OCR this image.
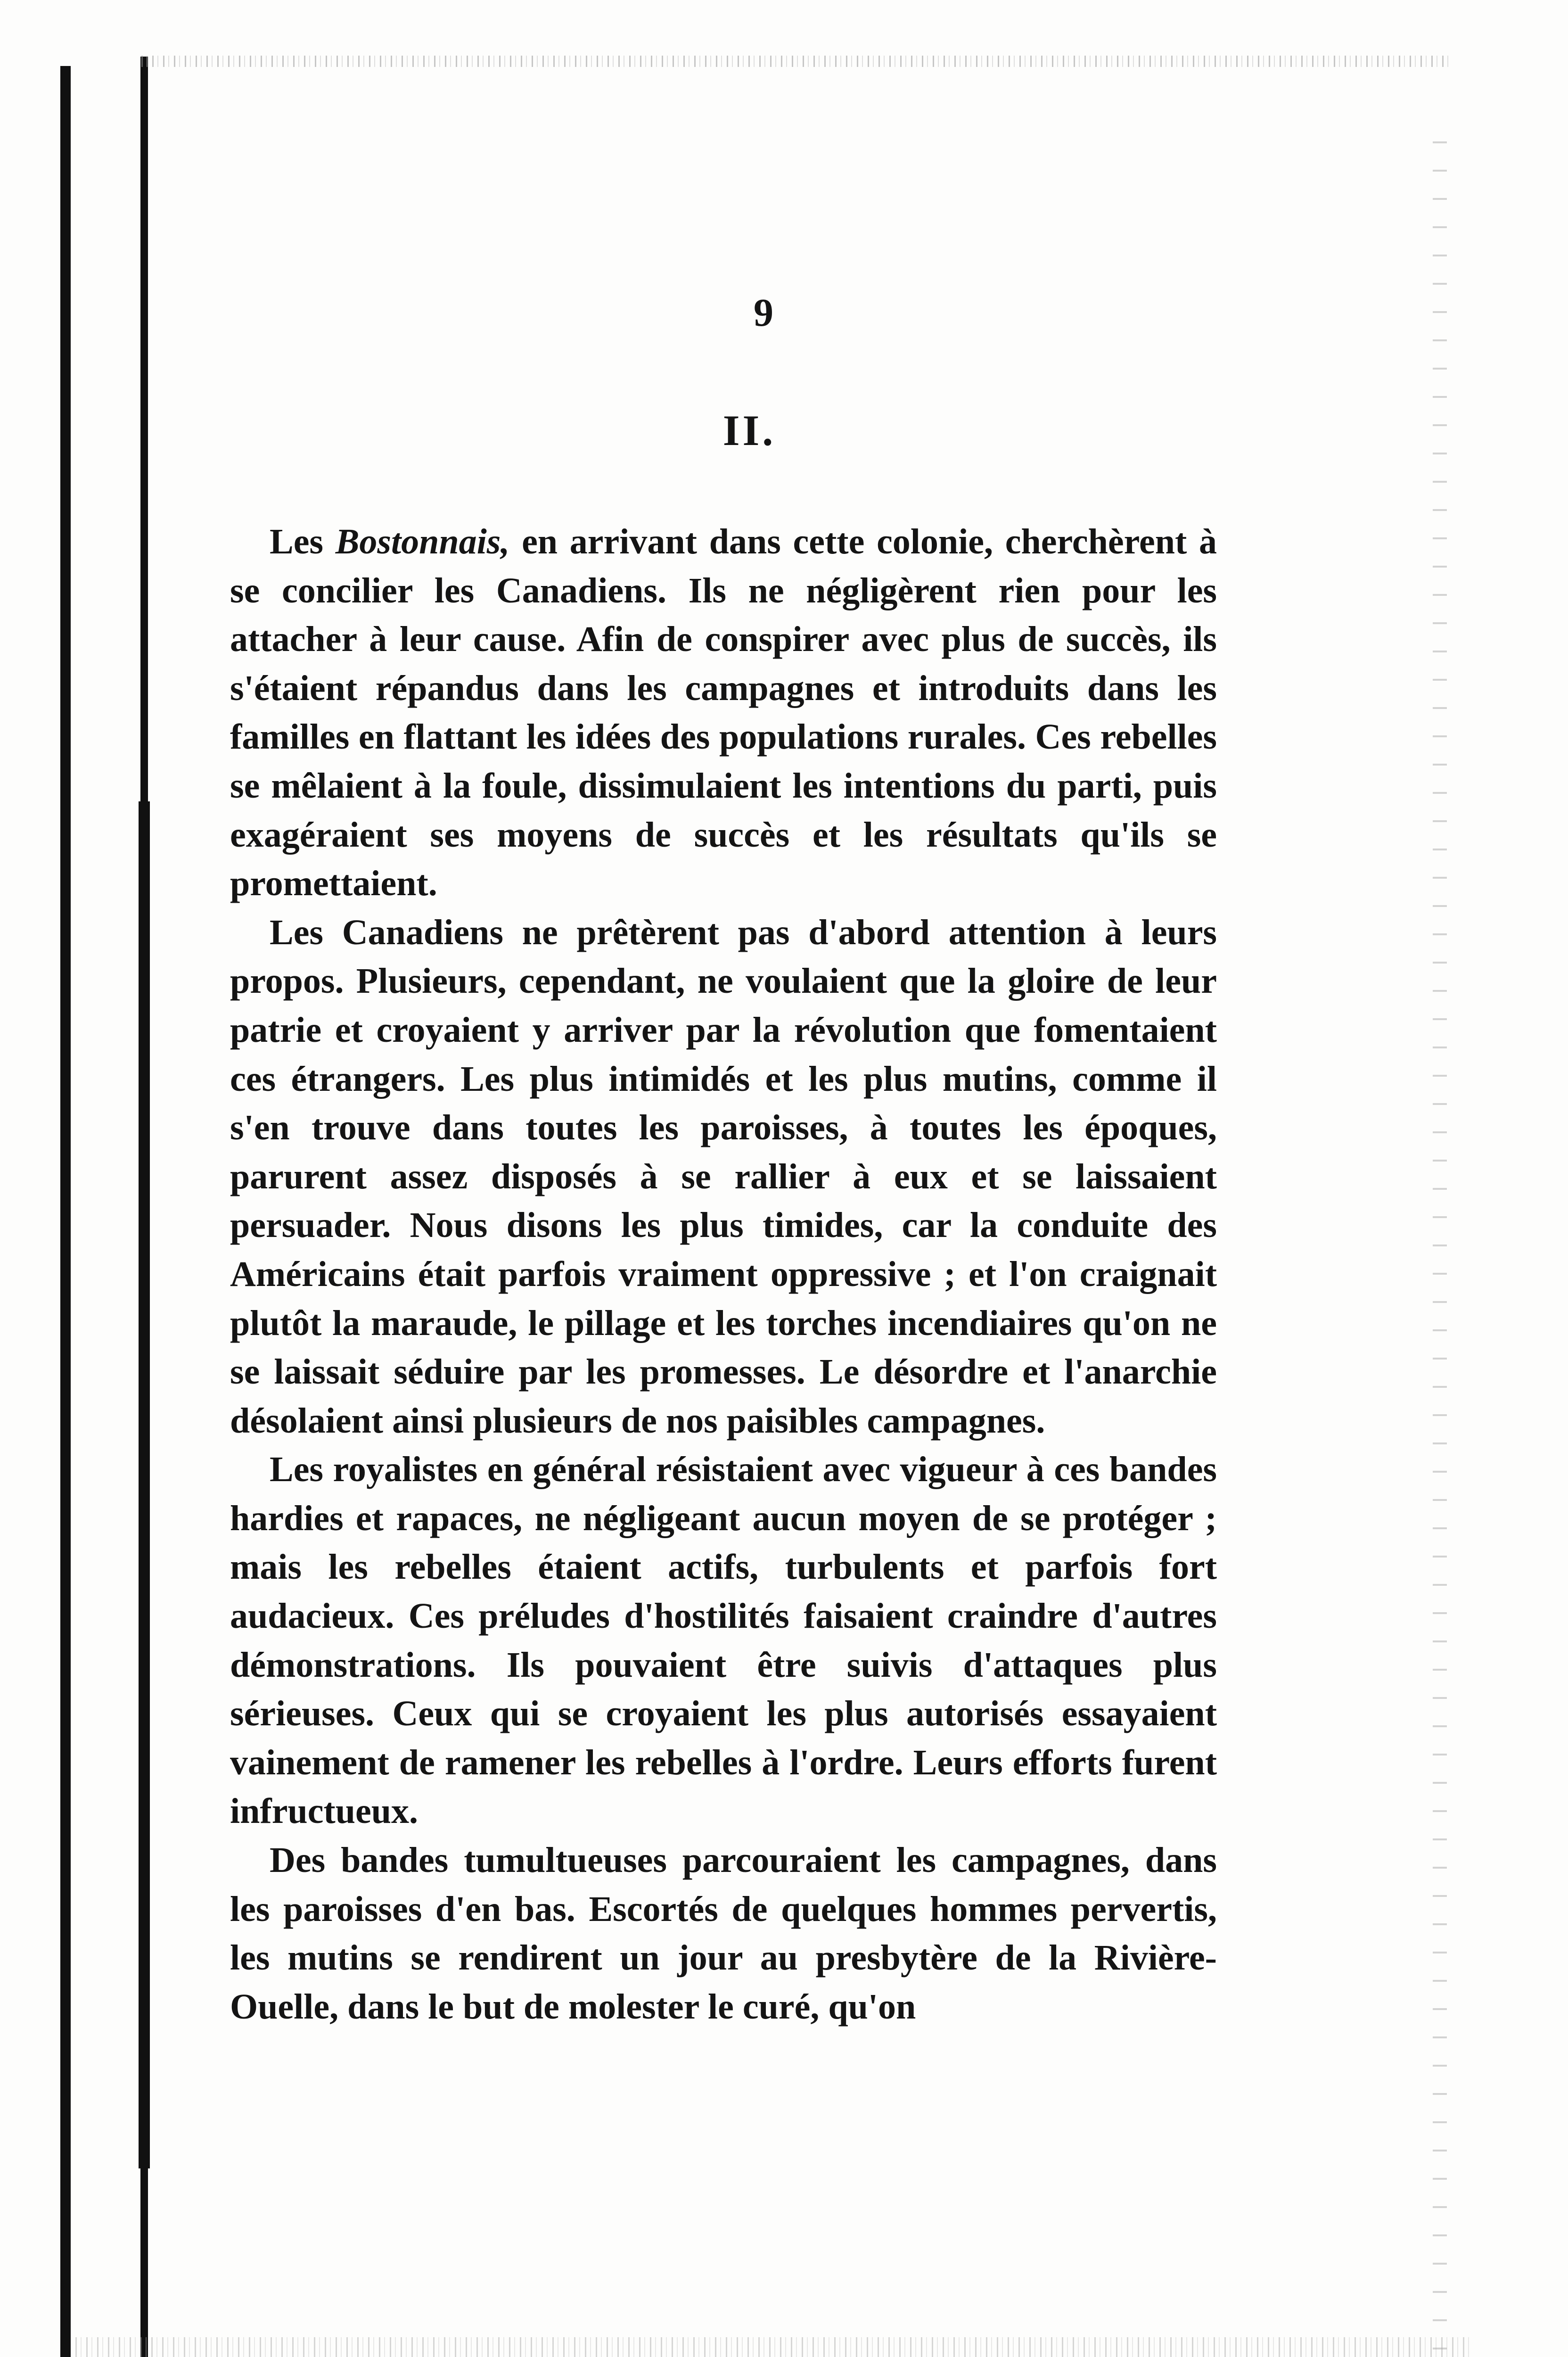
9
II.

Les Bostonnais, en arrivant dans cette colonie, cherchèrent à se concilier les Canadiens. Ils ne négligèrent rien pour les attacher à leur cause. Afin de conspirer avec plus de succès, ils s'étaient répandus dans les campagnes et introduits dans les familles en flattant les idées des populations rurales. Ces rebelles se mêlaient à la foule, dissimulaient les intentions du parti, puis exagéraient ses moyens de succès et les résultats qu'ils se promettaient.

Les Canadiens ne prêtèrent pas d'abord attention à leurs propos. Plusieurs, cependant, ne voulaient que la gloire de leur patrie et croyaient y arriver par la révolution que fomentaient ces étrangers. Les plus intimidés et les plus mutins, comme il s'en trouve dans toutes les paroisses, à toutes les époques, parurent assez disposés à se rallier à eux et se laissaient persuader. Nous disons les plus timides, car la conduite des Américains était parfois vraiment oppressive ; et l'on craignait plutôt la maraude, le pillage et les torches incendiaires qu'on ne se laissait séduire par les promesses. Le désordre et l'anarchie désolaient ainsi plusieurs de nos paisibles campagnes.

Les royalistes en général résistaient avec vigueur à ces bandes hardies et rapaces, ne négligeant aucun moyen de se protéger ; mais les rebelles étaient actifs, turbulents et parfois fort audacieux. Ces préludes d'hostilités faisaient craindre d'autres démonstrations. Ils pouvaient être suivis d'attaques plus sérieuses. Ceux qui se croyaient les plus autorisés essayaient vainement de ramener les rebelles à l'ordre. Leurs efforts furent infructueux.

Des bandes tumultueuses parcouraient les campagnes, dans les paroisses d'en bas. Escortés de quelques hommes pervertis, les mutins se rendirent un jour au presbytère de la Rivière-Ouelle, dans le but de molester le curé, qu'on
